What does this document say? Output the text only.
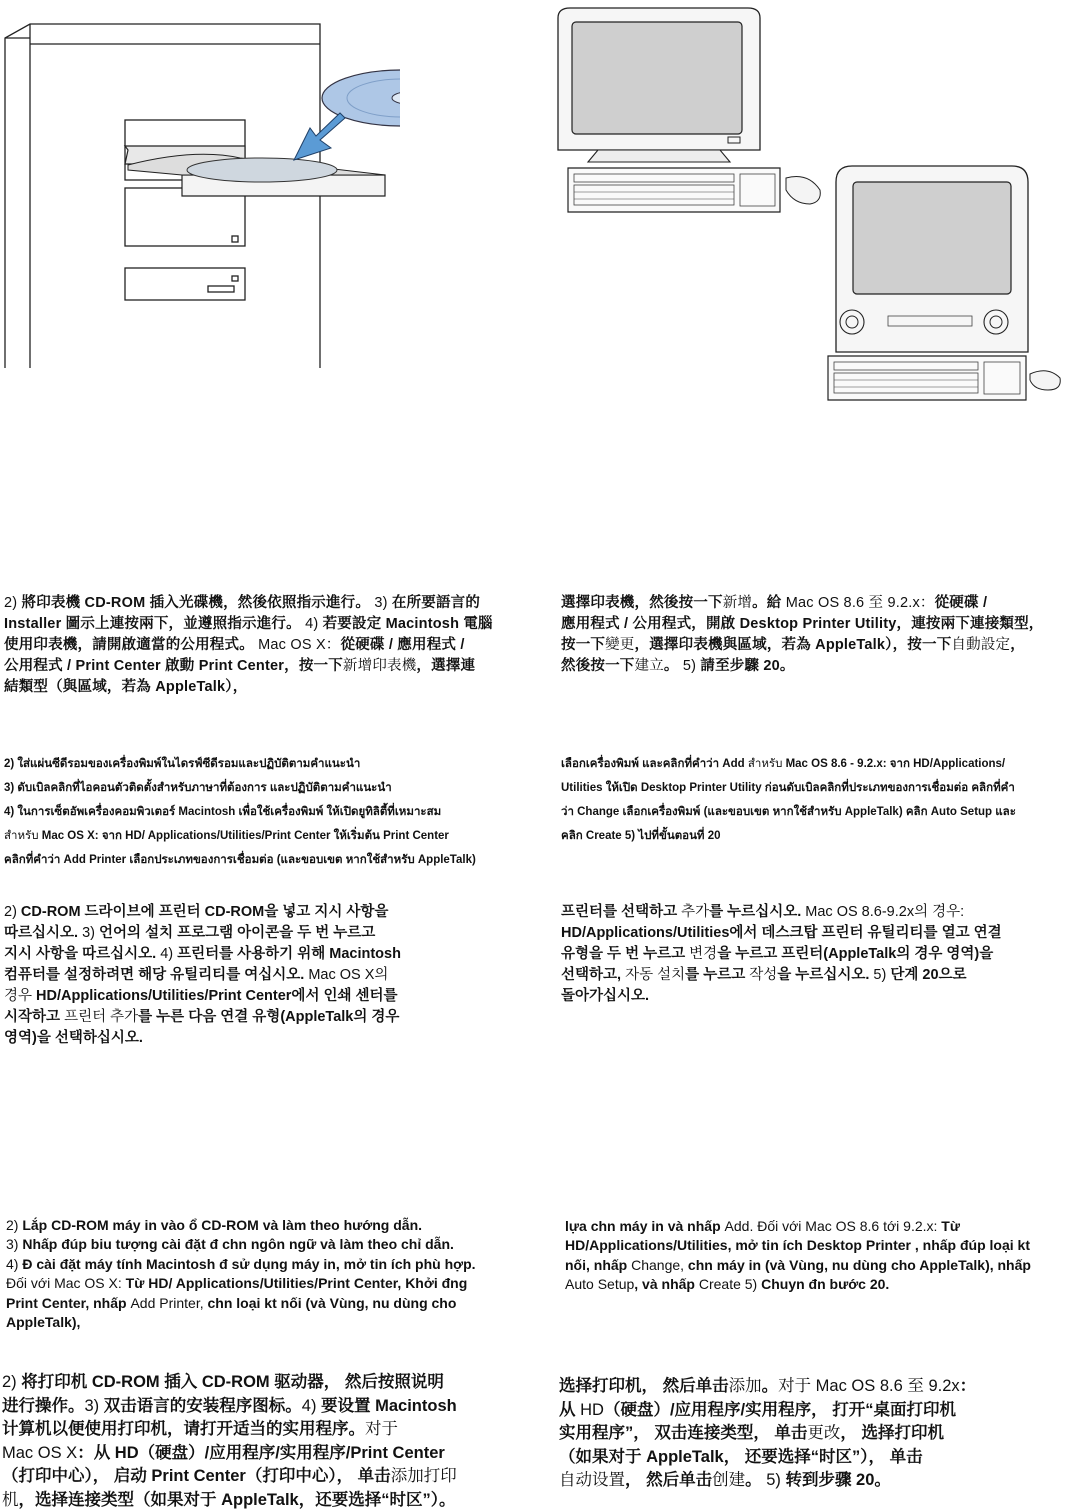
2) 將印表機 CD-ROM 插入光碟機，然後依照指示進行。 3) 在所要語言的
Installer 圖示上連按兩下，並遵照指示進行。 4) 若要設定 Macintosh 電腦
使用印表機，請開啟適當的公用程式。 Mac OS X：從硬碟 / 應用程式 /
公用程式 / Print Center 啟動 Print Center，按一下新增印表機，選擇連
結類型（與區域，若為 AppleTalk），

選擇印表機，然後按一下新增。給 Mac OS 8.6 至 9.2.x：從硬碟 /
應用程式 / 公用程式，開啟 Desktop Printer Utility，連按兩下連接類型，
按一下變更，選擇印表機與區域，若為 AppleTalk），按一下自動設定，
然後按一下建立。 5) 請至步驟 20。

2) ใส่แผ่นซีดีรอมของเครื่องพิมพ์ในไดรฟ์ซีดีรอมและปฏิบัติตามคำแนะนำ
3) ดับเบิลคลิกที่ไอคอนตัวติดตั้งสำหรับภาษาที่ต้องการ และปฏิบัติตามคำแนะนำ
4) ในการเซ็ตอัพเครื่องคอมพิวเตอร์ Macintosh เพื่อใช้เครื่องพิมพ์ ให้เปิดยูทิลิตี้ที่เหมาะสม
สำหรับ Mac OS X: จาก HD/ Applications/Utilities/Print Center ให้เริ่มต้น Print Center
คลิกที่คำว่า Add Printer เลือกประเภทของการเชื่อมต่อ (และขอบเขต หากใช้สำหรับ AppleTalk)

เลือกเครื่องพิมพ์ และคลิกที่คำว่า Add สำหรับ Mac OS 8.6 - 9.2.x: จาก HD/Applications/
Utilities ให้เปิด Desktop Printer Utility ก่อนดับเบิลคลิกที่ประเภทของการเชื่อมต่อ คลิกที่คำ
ว่า Change เลือกเครื่องพิมพ์ (และขอบเขต หากใช้สำหรับ AppleTalk) คลิก Auto Setup และ
คลิก Create 5) ไปที่ขั้นตอนที่ 20

2) CD-ROM 드라이브에 프린터 CD-ROM을 넣고 지시 사항을
따르십시오. 3) 언어의 설치 프로그램 아이콘을 두 번 누르고
지시 사항을 따르십시오. 4) 프린터를 사용하기 위해 Macintosh
컴퓨터를 설정하려면 해당 유틸리티를 여십시오. Mac OS X의
경우 HD/Applications/Utilities/Print Center에서 인쇄 센터를
시작하고 프린터 추가를 누른 다음 연결 유형(AppleTalk의 경우
영역)을 선택하십시오.

프린터를 선택하고 추가를 누르십시오. Mac OS 8.6-9.2x의 경우:
HD/Applications/Utilities에서 데스크탑 프린터 유틸리티를 열고 연결
유형을 두 번 누르고 변경을 누르고 프린터(AppleTalk의 경우 영역)을
선택하고, 자동 설치를 누르고 작성을 누르십시오. 5) 단계 20으로
돌아가십시오.

2) Lắp CD-ROM máy in vào ổ CD-ROM và làm theo hướng dẫn.
3) Nhấp đúp biu tượng cài đặt đ chn ngôn ngữ và làm theo chỉ dẫn.
4) Đ cài đặt máy tính Macintosh đ sử dụng máy in, mở tin ích phù hợp.
Đối với Mac OS X: Từ HD/ Applications/Utilities/Print Center, Khởi đng
Print Center, nhấp Add Printer, chn loại kt nối (và Vùng, nu dùng cho
AppleTalk),

lựa chn máy in và nhấp Add. Đối với Mac OS 8.6 tới 9.2.x: Từ
HD/Applications/Utilities, mở tin ích Desktop Printer , nhấp đúp loại kt
nối, nhấp Change, chn máy in (và Vùng, nu dùng cho AppleTalk), nhấp
Auto Setup, và nhấp Create 5) Chuyn đn bước 20.

2) 将打印机 CD-ROM 插入 CD-ROM 驱动器， 然后按照说明
进行操作。3) 双击语言的安装程序图标。4) 要设置 Macintosh
计算机以便使用打印机，请打开适当的实用程序。对于
Mac OS X：从 HD（硬盘）/应用程序/实用程序/Print Center
（打印中心）， 启动 Print Center（打印中心）， 单击添加打印
机，选择连接类型（如果对于 AppleTalk，还要选择“时区”）。

选择打印机， 然后单击添加。对于 Mac OS 8.6 至 9.2x：
从 HD（硬盘）/应用程序/实用程序， 打开“桌面打印机
实用程序”， 双击连接类型， 单击更改， 选择打印机
（如果对于 AppleTalk， 还要选择“时区”）， 单击
自动设置， 然后单击创建。 5) 转到步骤 20。
